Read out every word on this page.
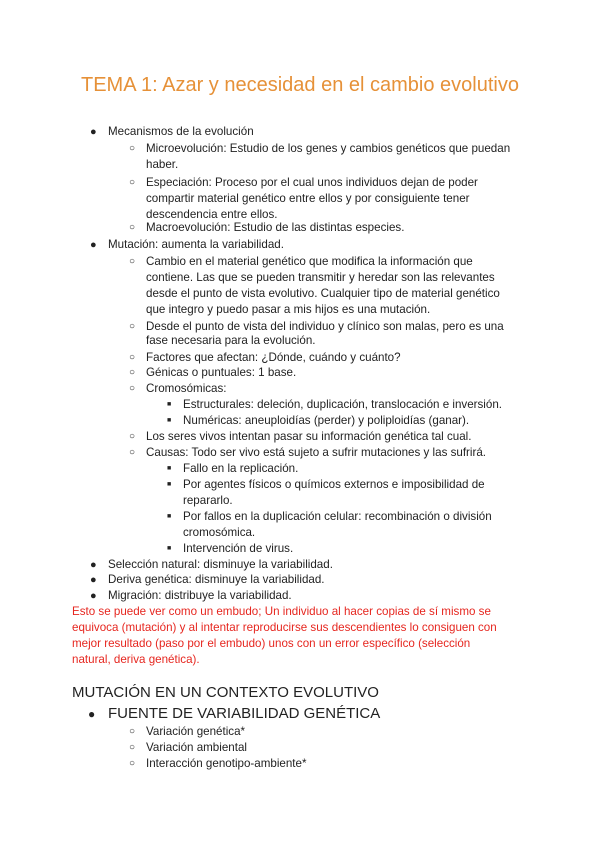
TEMA 1: Azar y necesidad en el cambio evolutivo
● Mecanismos de la evolución
○ Microevolución: Estudio de los genes y cambios genéticos que puedan
haber.
○ Especiación: Proceso por el cual unos individuos dejan de poder
compartir material genético entre ellos y por consiguiente tener
descendencia entre ellos.
○ Macroevolución: Estudio de las distintas especies.
● Mutación: aumenta la variabilidad.
○ Cambio en el material genético que modifica la información que
contiene. Las que se pueden transmitir y heredar son las relevantes
desde el punto de vista evolutivo. Cualquier tipo de material genético
que integro y puedo pasar a mis hijos es una mutación.
○ Desde el punto de vista del individuo y clínico son malas, pero es una
fase necesaria para la evolución.
○ Factores que afectan: ¿Dónde, cuándo y cuánto?
○ Génicas o puntuales: 1 base.
○ Cromosómicas:
■ Estructurales: deleción, duplicación, translocación e inversión.
■ Numéricas: aneuploidías (perder) y poliploidías (ganar).
○ Los seres vivos intentan pasar su información genética tal cual.
○ Causas: Todo ser vivo está sujeto a sufrir mutaciones y las sufrirá.
■ Fallo en la replicación.
■ Por agentes físicos o químicos externos e imposibilidad de
repararlo.
■ Por fallos en la duplicación celular: recombinación o división
cromosómica.
■ Intervención de virus.
● Selección natural: disminuye la variabilidad.
● Deriva genética: disminuye la variabilidad.
● Migración: distribuye la variabilidad.
Esto se puede ver como un embudo; Un individuo al hacer copias de sí mismo se
equivoca (mutación) y al intentar reproducirse sus descendientes lo consiguen con
mejor resultado (paso por el embudo) unos con un error específico (selección
natural, deriva genética).
MUTACIÓN EN UN CONTEXTO EVOLUTIVO
● FUENTE DE VARIABILIDAD GENÉTICA
○ Variación genética*
○ Variación ambiental
○ Interacción genotipo-ambiente*
